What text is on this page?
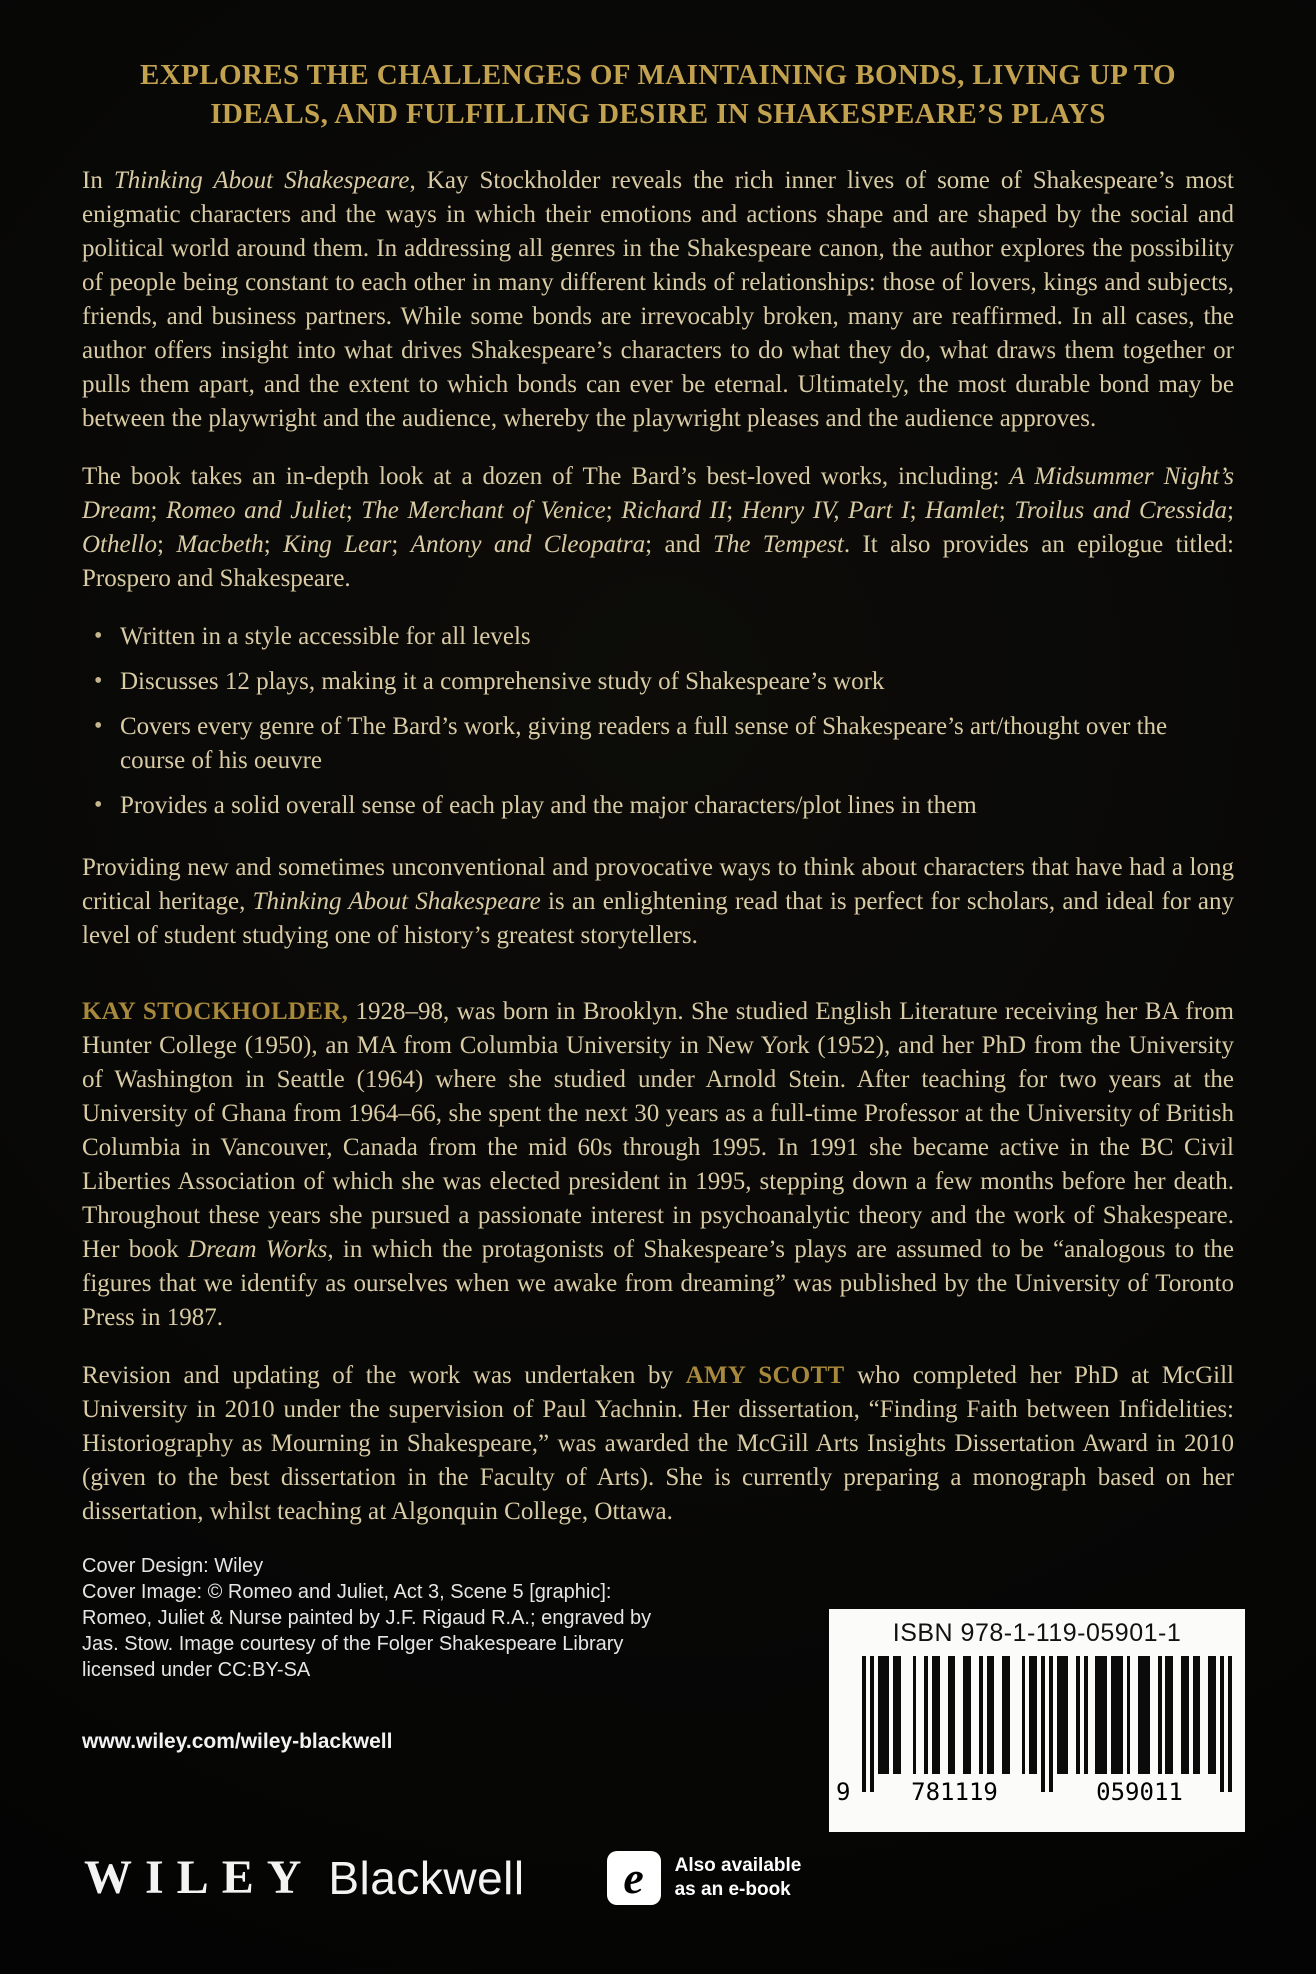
EXPLORES THE CHALLENGES OF MAINTAINING BONDS, LIVING UP TO IDEALS, AND FULFILLING DESIRE IN SHAKESPEARE’S PLAYS

In Thinking About Shakespeare, Kay Stockholder reveals the rich inner lives of some of Shakespeare’s most enigmatic characters and the ways in which their emotions and actions shape and are shaped by the social and political world around them. In addressing all genres in the Shakespeare canon, the author explores the possibility of people being constant to each other in many different kinds of relationships: those of lovers, kings and subjects, friends, and business partners. While some bonds are irrevocably broken, many are reaffirmed. In all cases, the author offers insight into what drives Shakespeare’s characters to do what they do, what draws them together or pulls them apart, and the extent to which bonds can ever be eternal. Ultimately, the most durable bond may be between the playwright and the audience, whereby the playwright pleases and the audience approves.

The book takes an in-depth look at a dozen of The Bard’s best-loved works, including: A Midsummer Night’s Dream; Romeo and Juliet; The Merchant of Venice; Richard II; Henry IV, Part I; Hamlet; Troilus and Cressida; Othello; Macbeth; King Lear; Antony and Cleopatra; and The Tempest. It also provides an epilogue titled: Prospero and Shakespeare.

• Written in a style accessible for all levels
• Discusses 12 plays, making it a comprehensive study of Shakespeare’s work
• Covers every genre of The Bard’s work, giving readers a full sense of Shakespeare’s art/thought over the course of his oeuvre
• Provides a solid overall sense of each play and the major characters/plot lines in them

Providing new and sometimes unconventional and provocative ways to think about characters that have had a long critical heritage, Thinking About Shakespeare is an enlightening read that is perfect for scholars, and ideal for any level of student studying one of history’s greatest storytellers.

KAY STOCKHOLDER, 1928–98, was born in Brooklyn. She studied English Literature receiving her BA from Hunter College (1950), an MA from Columbia University in New York (1952), and her PhD from the University of Washington in Seattle (1964) where she studied under Arnold Stein. After teaching for two years at the University of Ghana from 1964–66, she spent the next 30 years as a full-time Professor at the University of British Columbia in Vancouver, Canada from the mid 60s through 1995. In 1991 she became active in the BC Civil Liberties Association of which she was elected president in 1995, stepping down a few months before her death. Throughout these years she pursued a passionate interest in psychoanalytic theory and the work of Shakespeare. Her book Dream Works, in which the protagonists of Shakespeare’s plays are assumed to be “analogous to the figures that we identify as ourselves when we awake from dreaming” was published by the University of Toronto Press in 1987.

Revision and updating of the work was undertaken by AMY SCOTT who completed her PhD at McGill University in 2010 under the supervision of Paul Yachnin. Her dissertation, “Finding Faith between Infidelities: Historiography as Mourning in Shakespeare,” was awarded the McGill Arts Insights Dissertation Award in 2010 (given to the best dissertation in the Faculty of Arts). She is currently preparing a monograph based on her dissertation, whilst teaching at Algonquin College, Ottawa.

Cover Design: Wiley
Cover Image: © Romeo and Juliet, Act 3, Scene 5 [graphic]:
Romeo, Juliet & Nurse painted by J.F. Rigaud R.A.; engraved by
Jas. Stow. Image courtesy of the Folger Shakespeare Library
licensed under CC:BY-SA
www.wiley.com/wiley-blackwell
ISBN 978-1-119-05901-1
9	781119	059011
WILEY Blackwell	e	Also available
as an e-book
